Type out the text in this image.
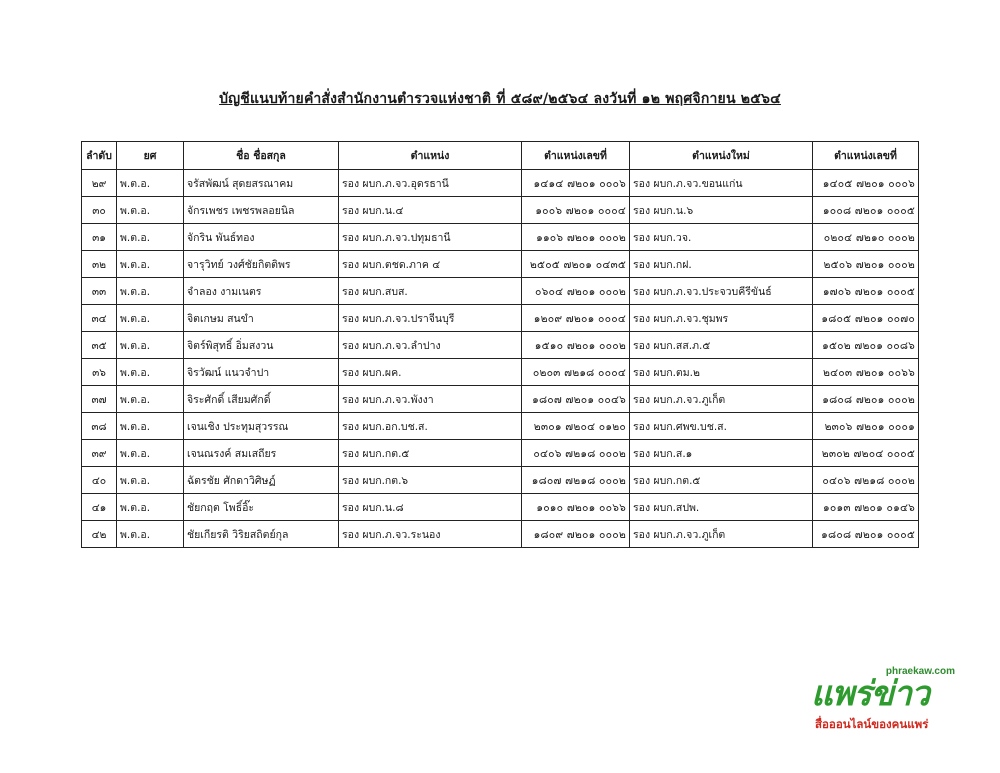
บัญชีแนบท้ายคำสั่งสำนักงานตำรวจแห่งชาติ ที่ ๕๘๙/๒๕๖๔ ลงวันที่ ๑๒ พฤศจิกายน ๒๕๖๔
ลำดับ	ยศ	ชื่อ ชื่อสกุล	ตำแหน่ง	ตำแหน่งเลขที่	ตำแหน่งใหม่	ตำแหน่งเลขที่
๒๙	พ.ต.อ.	จรัสพัฒน์ สุดยสรณาคม	รอง ผบก.ภ.จว.อุดรธานี	๑๔๑๔ ๗๒๐๑ ๐๐๐๖	รอง ผบก.ภ.จว.ขอนแก่น	๑๔๐๕ ๗๒๐๑ ๐๐๐๖
๓๐	พ.ต.อ.	จักรเพชร เพชรพลอยนิล	รอง ผบก.น.๔	๑๐๐๖ ๗๒๐๑ ๐๐๐๔	รอง ผบก.น.๖	๑๐๐๘ ๗๒๐๑ ๐๐๐๕
๓๑	พ.ต.อ.	จักริน พันธ์ทอง	รอง ผบก.ภ.จว.ปทุมธานี	๑๑๐๖ ๗๒๐๑ ๐๐๐๒	รอง ผบก.วจ.	๐๒๐๔ ๗๒๑๐ ๐๐๐๒
๓๒	พ.ต.อ.	จารุวิทย์ วงศ์ชัยกิตติพร	รอง ผบก.ตชด.ภาค ๔	๒๕๐๕ ๗๒๐๑ ๐๔๓๕	รอง ผบก.กฝ.	๒๕๐๖ ๗๒๐๑ ๐๐๐๒
๓๓	พ.ต.อ.	จำลอง งามเนตร	รอง ผบก.สบส.	๐๖๐๔ ๗๒๐๑ ๐๐๐๒	รอง ผบก.ภ.จว.ประจวบคีรีขันธ์	๑๗๐๖ ๗๒๐๑ ๐๐๐๕
๓๔	พ.ต.อ.	จิตเกษม สนขำ	รอง ผบก.ภ.จว.ปราจีนบุรี	๑๒๐๙ ๗๒๐๑ ๐๐๐๔	รอง ผบก.ภ.จว.ชุมพร	๑๘๐๕ ๗๒๐๑ ๐๐๗๐
๓๕	พ.ต.อ.	จิตร์พิสุทธิ์ อิ่มสงวน	รอง ผบก.ภ.จว.ลำปาง	๑๕๑๐ ๗๒๐๑ ๐๐๐๒	รอง ผบก.สส.ภ.๕	๑๕๐๒ ๗๒๐๑ ๐๐๘๖
๓๖	พ.ต.อ.	จิรวัฒน์ แนวจำปา	รอง ผบก.ผค.	๐๒๐๓ ๗๒๑๘ ๐๐๐๔	รอง ผบก.ตม.๒	๒๔๐๓ ๗๒๐๑ ๐๐๖๖
๓๗	พ.ต.อ.	จิระศักดิ์ เสียมศักดิ์	รอง ผบก.ภ.จว.พังงา	๑๘๐๗ ๗๒๐๑ ๐๐๔๖	รอง ผบก.ภ.จว.ภูเก็ต	๑๘๐๘ ๗๒๐๑ ๐๐๐๒
๓๘	พ.ต.อ.	เจนเชิง ประทุมสุวรรณ	รอง ผบก.อก.บช.ส.	๒๓๐๑ ๗๒๐๔ ๐๑๒๐	รอง ผบก.ศพข.บช.ส.	๒๓๐๖ ๗๒๐๑ ๐๐๐๑
๓๙	พ.ต.อ.	เจนณรงค์ สมเสถียร	รอง ผบก.กต.๕	๐๔๐๖ ๗๒๑๘ ๐๐๐๒	รอง ผบก.ส.๑	๒๓๐๒ ๗๒๐๔ ๐๐๐๕
๔๐	พ.ต.อ.	ฉัตรชัย ศักดาวิศิษฏ์	รอง ผบก.กต.๖	๑๘๐๗ ๗๒๑๘ ๐๐๐๒	รอง ผบก.กต.๕	๐๔๐๖ ๗๒๑๘ ๐๐๐๒
๔๑	พ.ต.อ.	ชัยกฤต โพธิ์อิ๊ะ	รอง ผบก.น.๘	๑๐๑๐ ๗๒๐๑ ๐๐๖๖	รอง ผบก.สปพ.	๑๐๑๓ ๗๒๐๑ ๐๑๔๖
๔๒	พ.ต.อ.	ชัยเกียรติ วิริยสถิตย์กุล	รอง ผบก.ภ.จว.ระนอง	๑๘๐๙ ๗๒๐๑ ๐๐๐๒	รอง ผบก.ภ.จว.ภูเก็ต	๑๘๐๘ ๗๒๐๑ ๐๐๐๕
phraekaw.com
แพร่ข่าว
สื่อออนไลน์ของคนแพร่
